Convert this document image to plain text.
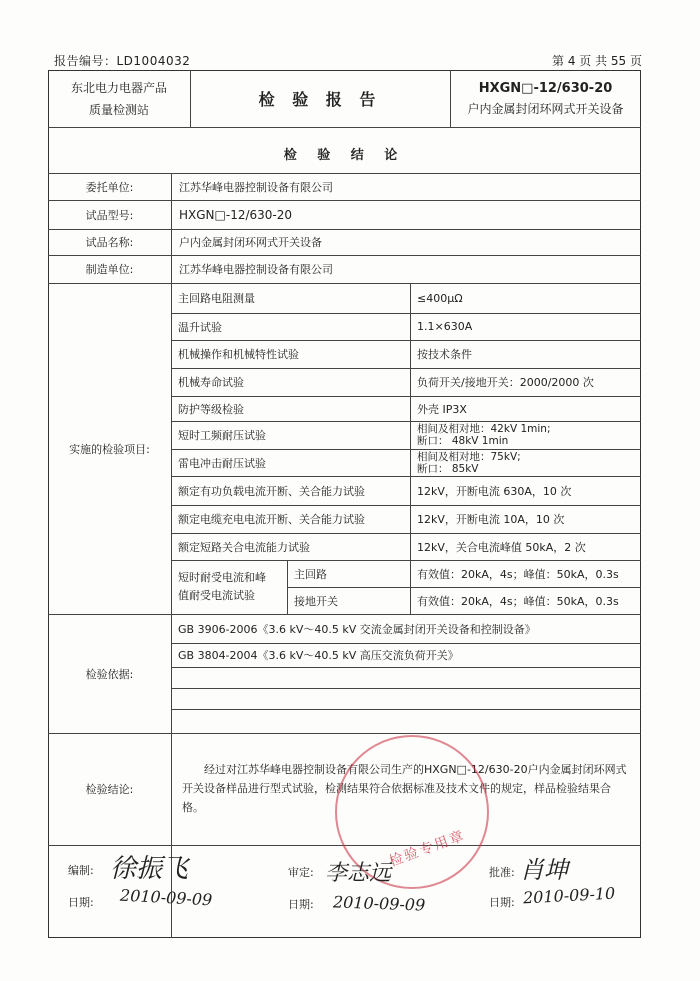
报告编号：LD1004032	第 4 页 共 55 页
东北电力电器产品
质量检测站
检 验 报 告
HXGN□-12/630-20
户内金属封闭环网式开关设备
检 验 结 论
委托单位:	江苏华峰电器控制设备有限公司
试品型号:	HXGN□-12/630-20
试品名称:	户内金属封闭环网式开关设备
制造单位:	江苏华峰电器控制设备有限公司
实施的检验项目:
主回路电阻测量	≤400μΩ
温升试验	1.1×630A
机械操作和机械特性试验	按技术条件
机械寿命试验	负荷开关/接地开关：2000/2000 次
防护等级检验	外壳 IP3X
短时工频耐压试验	相间及相对地：42kV 1min;
断口： 48kV 1min
雷电冲击耐压试验	相间及相对地：75kV;
断口： 85kV
额定有功负载电流开断、关合能力试验	12kV，开断电流 630A，10 次
额定电缆充电电流开断、关合能力试验	12kV，开断电流 10A，10 次
额定短路关合电流能力试验	12kV，关合电流峰值 50kA，2 次
短时耐受电流和峰
值耐受电流试验
主回路	有效值：20kA，4s；峰值：50kA，0.3s
接地开关	有效值：20kA，4s；峰值：50kA，0.3s
检验依据:
GB 3906-2006《3.6 kV～40.5 kV 交流金属封闭开关设备和控制设备》
GB 3804-2004《3.6 kV～40.5 kV 高压交流负荷开关》
检验结论:
经过对江苏华峰电器控制设备有限公司生产的HXGN□-12/630-20户内金属封闭环网式开关设备样品进行型式试验，检测结果符合依据标准及技术文件的规定，样品检验结果合格。
检验专用章
编制: 徐振飞	审定: 李志远	批准: 肖坤
日期: 2010-09-09	日期: 2010-09-09	日期: 2010-09-10
